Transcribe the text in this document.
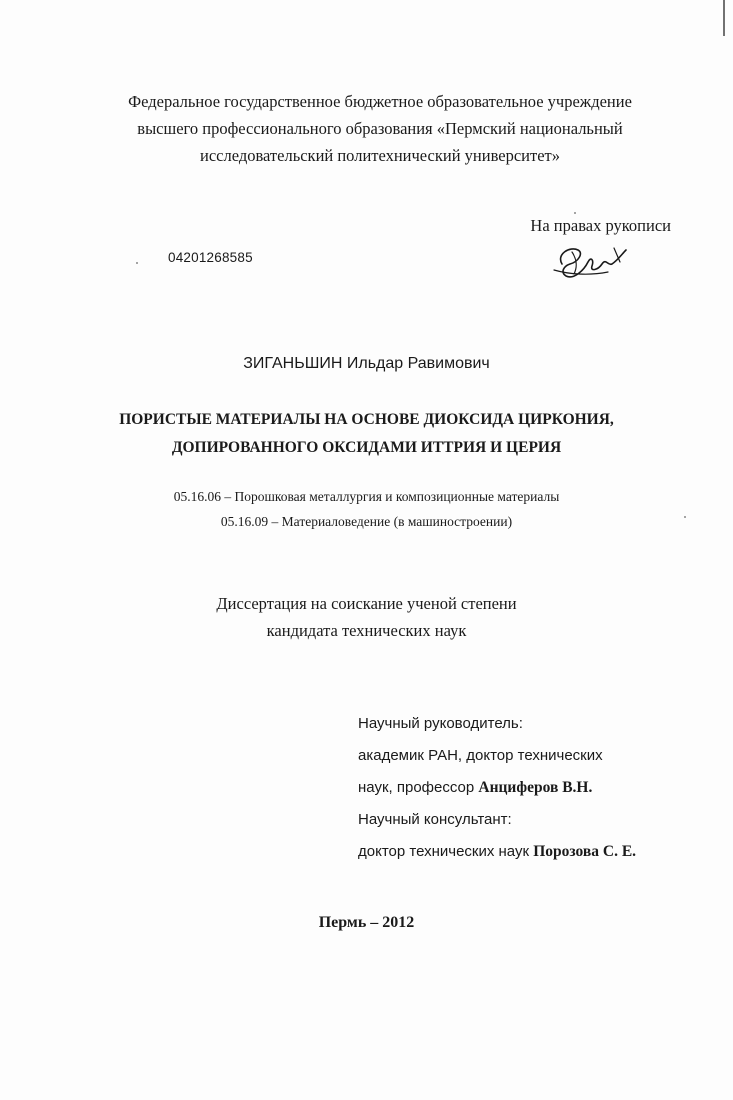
Федеральное государственное бюджетное образовательное учреждение
высшего профессионального образования «Пермский национальный
исследовательский политехнический университет»
На правах рукописи
04201268585
ЗИГАНЬШИН Ильдар Равимович
ПОРИСТЫЕ МАТЕРИАЛЫ НА ОСНОВЕ ДИОКСИДА ЦИРКОНИЯ,
ДОПИРОВАННОГО ОКСИДАМИ ИТТРИЯ И ЦЕРИЯ
05.16.06 – Порошковая металлургия и композиционные материалы
05.16.09 – Материаловедение (в машиностроении)
Диссертация на соискание ученой степени
кандидата технических наук
Научный руководитель:
академик РАН, доктор технических
наук, профессор Анциферов В.Н.
Научный консультант:
доктор технических наук Порозова С. Е.
Пермь – 2012
